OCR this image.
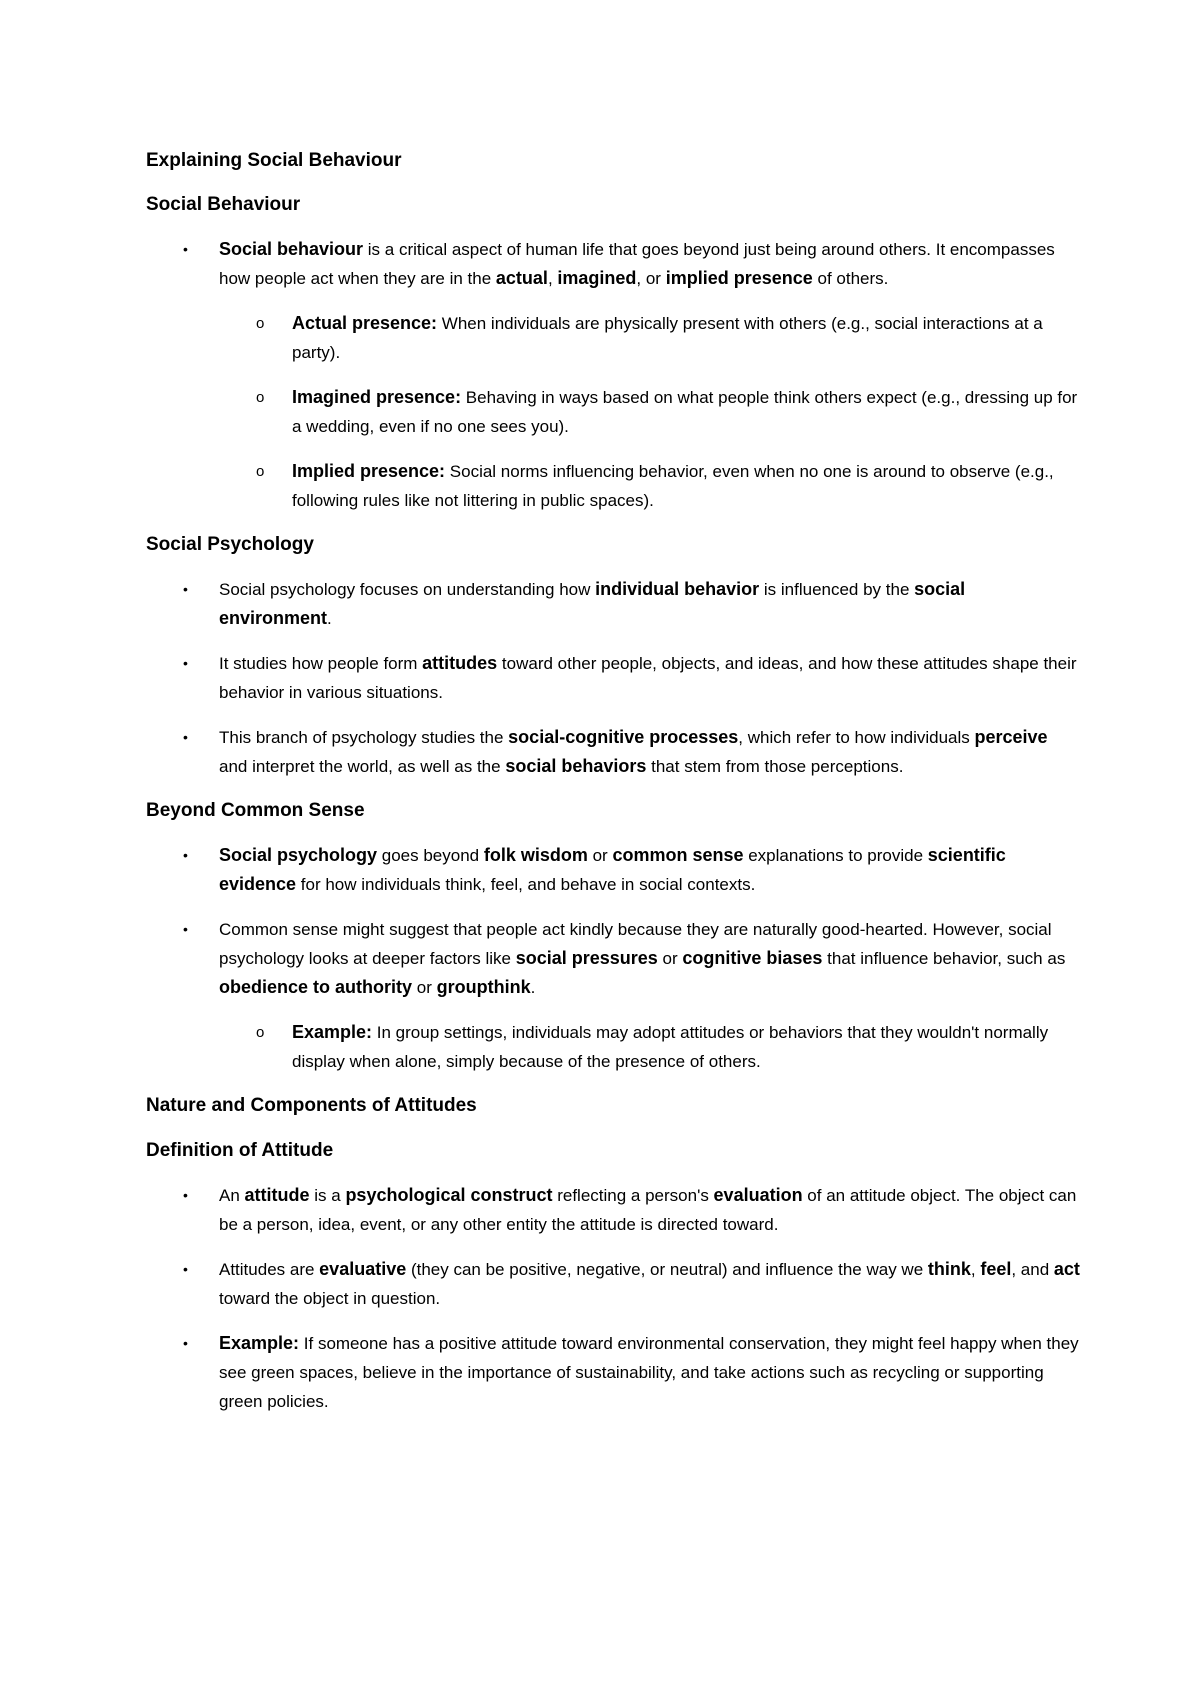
Explaining Social Behaviour
Social Behaviour
• Social behaviour is a critical aspect of human life that goes beyond just being around others. It encompasses how people act when they are in the actual, imagined, or implied presence of others.
o Actual presence: When individuals are physically present with others (e.g., social interactions at a party).
o Imagined presence: Behaving in ways based on what people think others expect (e.g., dressing up for a wedding, even if no one sees you).
o Implied presence: Social norms influencing behavior, even when no one is around to observe (e.g., following rules like not littering in public spaces).
Social Psychology
• Social psychology focuses on understanding how individual behavior is influenced by the social environment.
• It studies how people form attitudes toward other people, objects, and ideas, and how these attitudes shape their behavior in various situations.
• This branch of psychology studies the social-cognitive processes, which refer to how individuals perceive and interpret the world, as well as the social behaviors that stem from those perceptions.
Beyond Common Sense
• Social psychology goes beyond folk wisdom or common sense explanations to provide scientific evidence for how individuals think, feel, and behave in social contexts.
• Common sense might suggest that people act kindly because they are naturally good-hearted. However, social psychology looks at deeper factors like social pressures or cognitive biases that influence behavior, such as obedience to authority or groupthink.
o Example: In group settings, individuals may adopt attitudes or behaviors that they wouldn't normally display when alone, simply because of the presence of others.
Nature and Components of Attitudes
Definition of Attitude
• An attitude is a psychological construct reflecting a person's evaluation of an attitude object. The object can be a person, idea, event, or any other entity the attitude is directed toward.
• Attitudes are evaluative (they can be positive, negative, or neutral) and influence the way we think, feel, and act toward the object in question.
• Example: If someone has a positive attitude toward environmental conservation, they might feel happy when they see green spaces, believe in the importance of sustainability, and take actions such as recycling or supporting green policies.
